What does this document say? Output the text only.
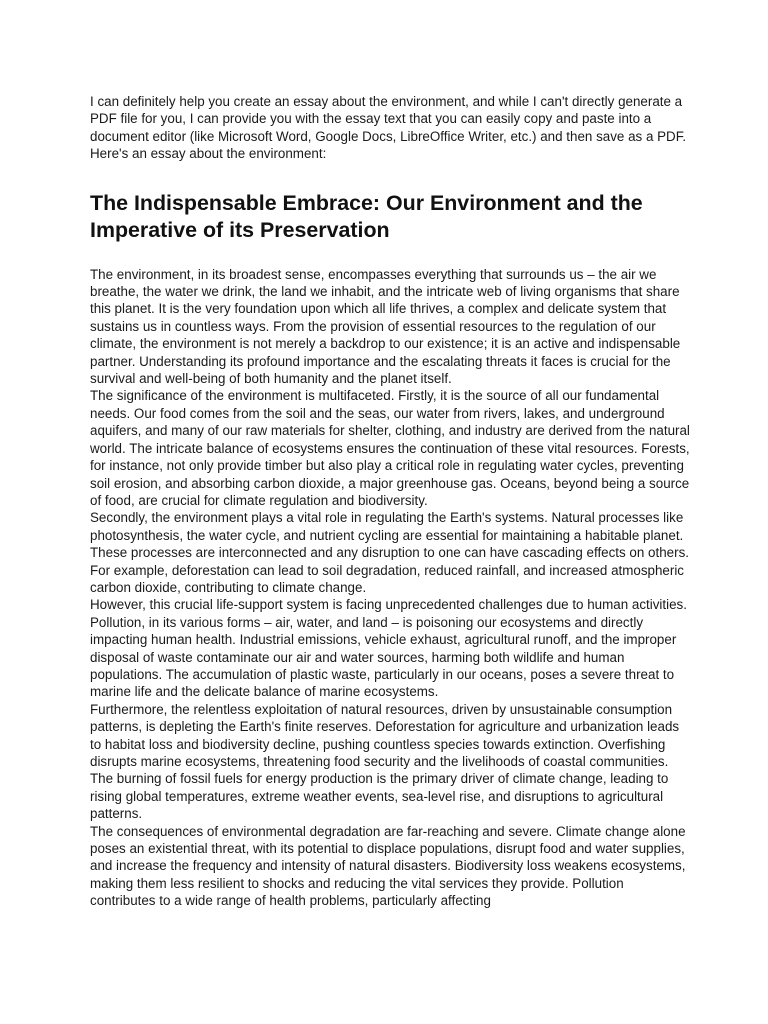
I can definitely help you create an essay about the environment, and while I can't directly generate a PDF file for you, I can provide you with the essay text that you can easily copy and paste into a document editor (like Microsoft Word, Google Docs, LibreOffice Writer, etc.) and then save as a PDF.

Here's an essay about the environment:

The Indispensable Embrace: Our Environment and the Imperative of its Preservation

The environment, in its broadest sense, encompasses everything that surrounds us – the air we breathe, the water we drink, the land we inhabit, and the intricate web of living organisms that share this planet. It is the very foundation upon which all life thrives, a complex and delicate system that sustains us in countless ways. From the provision of essential resources to the regulation of our climate, the environment is not merely a backdrop to our existence; it is an active and indispensable partner. Understanding its profound importance and the escalating threats it faces is crucial for the survival and well-being of both humanity and the planet itself.

The significance of the environment is multifaceted. Firstly, it is the source of all our fundamental needs. Our food comes from the soil and the seas, our water from rivers, lakes, and underground aquifers, and many of our raw materials for shelter, clothing, and industry are derived from the natural world. The intricate balance of ecosystems ensures the continuation of these vital resources. Forests, for instance, not only provide timber but also play a critical role in regulating water cycles, preventing soil erosion, and absorbing carbon dioxide, a major greenhouse gas. Oceans, beyond being a source of food, are crucial for climate regulation and biodiversity.

Secondly, the environment plays a vital role in regulating the Earth's systems. Natural processes like photosynthesis, the water cycle, and nutrient cycling are essential for maintaining a habitable planet. These processes are interconnected and any disruption to one can have cascading effects on others. For example, deforestation can lead to soil degradation, reduced rainfall, and increased atmospheric carbon dioxide, contributing to climate change.

However, this crucial life-support system is facing unprecedented challenges due to human activities. Pollution, in its various forms – air, water, and land – is poisoning our ecosystems and directly impacting human health. Industrial emissions, vehicle exhaust, agricultural runoff, and the improper disposal of waste contaminate our air and water sources, harming both wildlife and human populations. The accumulation of plastic waste, particularly in our oceans, poses a severe threat to marine life and the delicate balance of marine ecosystems.

Furthermore, the relentless exploitation of natural resources, driven by unsustainable consumption patterns, is depleting the Earth's finite reserves. Deforestation for agriculture and urbanization leads to habitat loss and biodiversity decline, pushing countless species towards extinction. Overfishing disrupts marine ecosystems, threatening food security and the livelihoods of coastal communities. The burning of fossil fuels for energy production is the primary driver of climate change, leading to rising global temperatures, extreme weather events, sea-level rise, and disruptions to agricultural patterns.

The consequences of environmental degradation are far-reaching and severe. Climate change alone poses an existential threat, with its potential to displace populations, disrupt food and water supplies, and increase the frequency and intensity of natural disasters. Biodiversity loss weakens ecosystems, making them less resilient to shocks and reducing the vital services they provide. Pollution contributes to a wide range of health problems, particularly affecting
